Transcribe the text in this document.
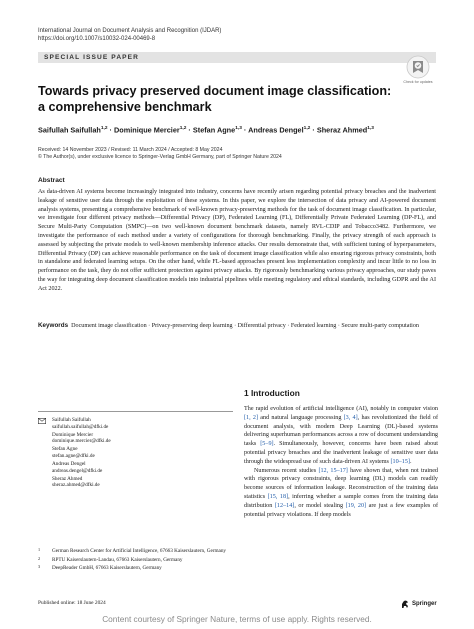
International Journal on Document Analysis and Recognition (IJDAR)
https://doi.org/10.1007/s10032-024-00469-8
SPECIAL ISSUE PAPER
Check for updates
Towards privacy preserved document image classification: a comprehensive benchmark
Saifullah Saifullah$^{1,2}$ · Dominique Mercier$^{1,2}$ · Stefan Agne$^{1,3}$ · Andreas Dengel$^{1,2}$ · Sheraz Ahmed$^{1,3}$
Received: 14 November 2023 / Revised: 11 March 2024 / Accepted: 8 May 2024
© The Author(s), under exclusive licence to Springer-Verlag GmbH Germany, part of Springer Nature 2024
Abstract
As data-driven AI systems become increasingly integrated into industry, concerns have recently arisen regarding potential privacy breaches and the inadvertent leakage of sensitive user data through the exploitation of these systems. In this paper, we explore the intersection of data privacy and AI-powered document analysis systems, presenting a comprehensive benchmark of well-known privacy-preserving methods for the task of document image classification. In particular, we investigate four different privacy methods—Differential Privacy (DP), Federated Learning (FL), Differentially Private Federated Learning (DP-FL), and Secure Multi-Party Computation (SMPC)—on two well-known document benchmark datasets, namely RVL-CDIP and Tobacco3482. Furthermore, we investigate the performance of each method under a variety of configurations for thorough benchmarking. Finally, the privacy strength of each approach is assessed by subjecting the private models to well-known membership inference attacks. Our results demonstrate that, with sufficient tuning of hyperparameters, Differential Privacy (DP) can achieve reasonable performance on the task of document image classification while also ensuring rigorous privacy constraints, both in standalone and federated learning setups. On the other hand, while FL-based approaches present less implementation complexity and incur little to no loss in performance on the task, they do not offer sufficient protection against privacy attacks. By rigorously benchmarking various privacy approaches, our study paves the way for integrating deep document classification models into industrial pipelines while meeting regulatory and ethical standards, including GDPR and the AI Act 2022.
Keywords Document image classification · Privacy-preserving deep learning · Differential privacy · Federated learning · Secure multi-party computation
1 Introduction

The rapid evolution of artificial intelligence (AI), notably in computer vision [1, 2] and natural language processing [3, 4], has revolutionized the field of document analysis, with modern Deep Learning (DL)-based systems delivering superhuman performances across a row of document understanding tasks [5–9]. Simultaneously, however, concerns have been raised about potential privacy breaches and the inadvertent leakage of sensitive user data through the widespread use of such data-driven AI systems [10–15].

Numerous recent studies [12, 15–17] have shown that, when not trained with rigorous privacy constraints, deep learning (DL) models can readily become sources of information leakage. Reconstruction of the training data statistics [15, 18], inferring whether a sample comes from the training data distribution [12–14], or model stealing [19, 20] are just a few examples of potential privacy violations. If deep models

Saifullah Saifullah
saifullah.saifullah@dfki.de
Dominique Mercier
dominique.mercier@dfki.de
Stefan Agne
stefan.agne@dfki.de
Andreas Dengel
andreas.dengel@dfki.de
Sheraz Ahmed
sheraz.ahmed@dfki.de
1 German Research Center for Artificial Intelligence, 67663 Kaiserslautern, Germany
2 RPTU Kaiserslautern-Landau, 67663 Kaiserslautern, Germany
3 DeepReader GmbH, 67663 Kaiserslautern, Germany
Published online: 18 June 2024	Springer
Content courtesy of Springer Nature, terms of use apply. Rights reserved.
